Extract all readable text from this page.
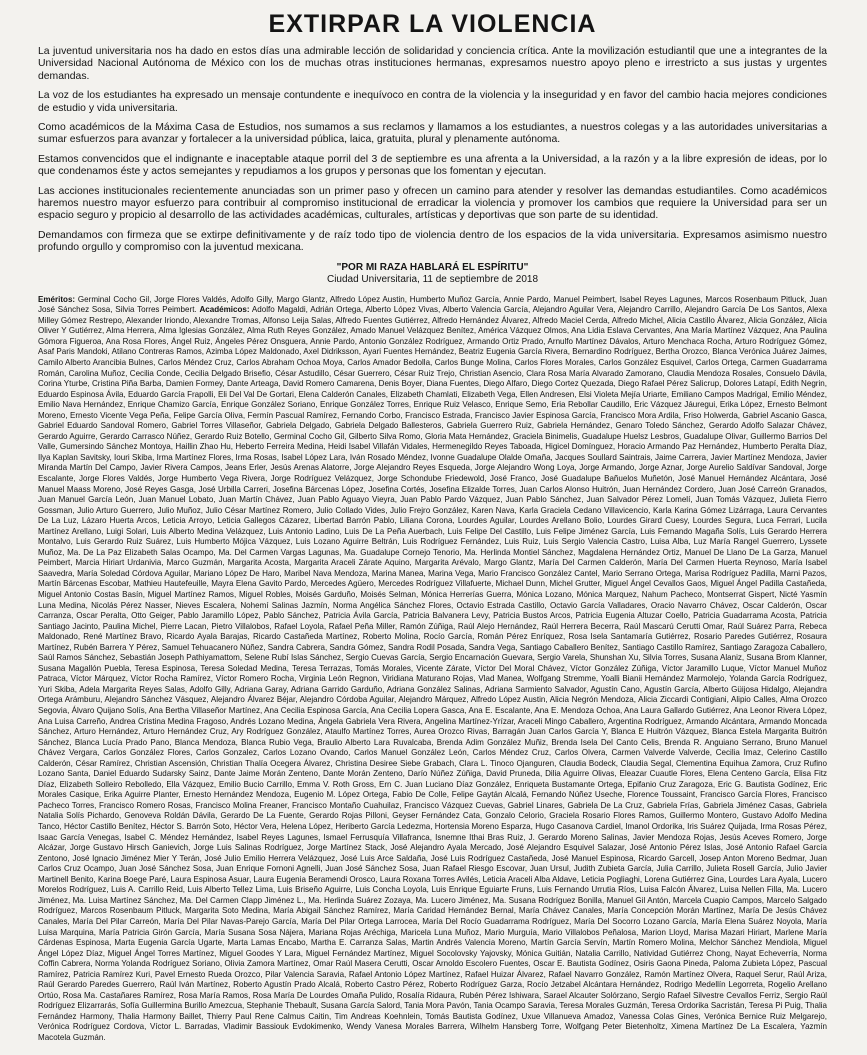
EXTIRPAR LA VIOLENCIA

La juventud universitaria nos ha dado en estos días una admirable lección de solidaridad y conciencia crítica. Ante la movilización estudiantil que une a integrantes de la Universidad Nacional Autónoma de México con los de muchas otras instituciones hermanas, expresamos nuestro apoyo pleno e irrestricto a sus justas y urgentes demandas.

La voz de los estudiantes ha expresado un mensaje contundente e inequívoco en contra de la violencia y la inseguridad y en favor del cambio hacia mejores condiciones de estudio y vida universitaria.

Como académicos de la Máxima Casa de Estudios, nos sumamos a sus reclamos y llamamos a los estudiantes, a nuestros colegas y a las autoridades universitarias a sumar esfuerzos para avanzar y fortalecer a la universidad pública, laica, gratuita, plural y plenamente autónoma.

Estamos convencidos que el indignante e inaceptable ataque porril del 3 de septiembre es una afrenta a la Universidad, a la razón y a la libre expresión de ideas, por lo que condenamos éste y actos semejantes y repudiamos a los grupos y personas que los fomentan y ejecutan.

Las acciones institucionales recientemente anunciadas son un primer paso y ofrecen un camino para atender y resolver las demandas estudiantiles. Como académicos haremos nuestro mayor esfuerzo para contribuir al compromiso institucional de erradicar la violencia y promover los cambios que requiere la Universidad para ser un espacio seguro y propicio al desarrollo de las actividades académicas, culturales, artísticas y deportivas que son parte de su identidad.

Demandamos con firmeza que se extirpe definitivamente y de raíz todo tipo de violencia dentro de los espacios de la vida universitaria. Expresamos asimismo nuestro profundo orgullo y compromiso con la juventud mexicana.

"POR MI RAZA HABLARÁ EL ESPÍRITU"
Ciudad Universitaria, 11 de septiembre de 2018
Eméritos: Germinal Cocho Gil, Jorge Flores Valdés, Adolfo Gilly, Margo Glantz, Alfredo López Austin, Humberto Muñoz García, Annie Pardo, Manuel Peimbert, Isabel Reyes Lagunes, Marcos Rosenbaum Pitluck, Juan José Sánchez Sosa, Silvia Torres Peimbert. Académicos: Adolfo Magaldi, Adrián Ortega, Alberto López Vivas, Alberto Valencia García, Alejandro Aguilar Vera, Alejandro Carrillo, Alejandro García De Los Santos, Alexa Milley Gómez Restrepo, Alexander Iriondo, Alexandre Tromas, Alfonso Leija Salas, Alfredo Fuentes Gutiérrez, Alfredo Hernández Álvarez, Alfredo Maciel Cerda, Alfredo Michel, Alicia Castillo Álvarez, Alicia González, Alicia Oliver Y Gutiérrez, Alma Herrera, Alma Iglesias González, Alma Ruth Reyes González, Amado Manuel Velázquez Benítez, América Vázquez Olmos, Ana Lidia Eslava Cervantes, Ana María Martínez Vázquez, Ana Paulina Gómora Figueroa, Ana Rosa Flores, Ángel Ruiz, Ángeles Pérez Onsguera, Annie Pardo, Antonio González Rodríguez, Armando Ortiz Prado, Arnulfo Martínez Dávalos, Arturo Menchaca Rocha, Arturo Rodríguez Gómez, Asaf Paris Mandoki, Atilano Contreras Ramos, Azimba López Maldonado, Axel Didriksson, Ayari Fuentes Hernández, Beatriz Eugenia García Rivera, Bernardino Rodríguez, Bertha Orozco, Blanca Verónica Juárez Jaimes, Camilo Alberto Arancibia Bulnes, Carlos Méndez Cruz, Carlos Abraham Ochoa Moya, Carlos Amador Bedolla, Carlos Bunge Molina, Carlos Flores Morales, Carlos González Esquivel, Carlos Ortega, Carmen Guadarrama Román, Carolina Muñoz, Cecilia Conde, Cecilia Delgado Brisefio, César Astudillo, César Guerrero, César Ruiz Trejo, Christian Asencio, Clara Rosa María Alvarado Zamorano, Claudia Mendoza Rosales, Consuelo Dávila, Corina Yturbe, Cristina Piña Barba, Damien Formey, Dante Arteaga, David Romero Camarena, Denis Boyer, Diana Fuentes, Diego Alfaro, Diego Cortez Quezada, Diego Rafael Pérez Salicrup, Dolores Latapí, Edith Negrin, Eduardo Espinosa Ávila, Eduardo García Frapolli, Eli Del Val De Gortari, Elena Calderón Canales, Elizabeth Chamlati, Elizabeth Vega, Ellen Andresen, Elsi Violeta Mejía Uriarte, Emiliano Campos Madrigal, Emilio Méndez, Emilio Nava Hernández, Enrique Chamizo García, Enrique González Soriano, Enrique González Torres, Enrique Ruiz Velasco, Enrique Semo, Eria Rebollar Caudillo, Eric Vázquez Jáuregui, Erika López, Ernesto Belmont Moreno, Ernesto Vicente Vega Peña, Felipe García Oliva, Fermín Pascual Ramírez, Fernando Corbo, Francisco Estrada, Francisco Javier Espinosa García, Francisco Mora Ardila, Friso Holwerda, Gabriel Ascanio Gasca, Gabriel Eduardo Sandoval Romero, Gabriel Torres Villaseñor, Gabriela Delgado, Gabriela Delgado Ballesteros, Gabriela Guerrero Ruiz, Gabriela Hernández, Genaro Toledo Sánchez, Gerardo Adolfo Salazar Chávez, Gerardo Aguirre, Gerardo Carrasco Núñez, Gerardo Ruiz Botello, Germinal Cocho Gil, Gilberto Silva Romo, Gloria Mata Hernández, Graciela Binimelis, Guadalupe Huelsz Lesbros, Guadalupe Olivar, Guillermo Barrios Del Valle, Gumersindo Sánchez Montoya, Haillin Zhao Hu, Heberto Ferreira Medina, Heidi Isabel Villafán Vidales, Hermenegildo Reyes Taboada, Higicel Domínguez, Horacio Armando Paz Hernández, Humberto Peralta Díaz, Ilya Kaplan Savitsky, Iouri Skiba, Irma Martínez Flores, Irma Rosas, Isabel López Lara, Iván Rosado Méndez, Ivonne Guadalupe Olalde Omaña, Jacques Soullard Saintrais, Jaime Carrera, Javier Martínez Mendoza, Javier Miranda Martín Del Campo, Javier Rivera Campos, Jeans Erler, Jesús Arenas Alatorre, Jorge Alejandro Reyes Esqueda, Jorge Alejandro Wong Loya, Jorge Armando, Jorge Aznar, Jorge Aurelio Saldívar Sandoval, Jorge Escalante, Jorge Flores Valdés, Jorge Humberto Vega Rivera, Jorge Rodríguez Velázquez, Jorge Schondube Friedewold, José Franco, José Guadalupe Bañuelos Muñetón, José Manuel Hernández Alcántara, José Manuel Maass Moreno, José Reyes Gasga, José Urbilla Carreri, Josefina Bárcenas López, Josefina Cortés, Josefina Elizalde Torres, Juan Carlos Alonso Huitrón, Juan Hernández Cordero, Juan José Carreón Granados, Juan Manuel García León, Juan Manuel Lobato, Juan Martín Chávez, Juan Pablo Aguayo Vieyra, Juan Pablo Pardo Vázquez, Juan Pablo Sánchez, Juan Salvador Pérez Lomelí, Juan Tomás Vázquez, Julieta Fierro Gossman, Julio Arturo Guerrero, Julio Muñoz, Julio César Martínez Romero, Julio Collado Vides, Julio Frejro González, Karen Nava, Karla Graciela Cedano Villavicencio, Karla Karina Gómez Lizárraga, Laura Cervantes De La Luz, Lázaro Huerta Arcos, Leticia Arroyo, Leticia Gallegos Cázarez, Libertad Barrón Pablo, Liliana Corona, Lourdes Aguilar, Lourdes Arellano Bolio, Lourdes Girard Cuesy, Lourdes Segura, Luca Ferrari, Lucila Martínez Arellano, Luigi Solari, Luis Alberto Medina Velázquez, Luis Antonio Ladino, Luis De La Peña Auerbach, Luis Felipe Del Castillo, Luis Felipe Jiménez García, Luis Fernando Magaña Solís, Luis Gerardo Herrera Montalvo, Luis Gerardo Ruiz Suárez, Luis Humberto Mójica Vázquez, Luis Lozano Aguirre Beltrán, Luis Rodríguez Fernández, Luis Ruiz, Luis Sergio Valencia Castro, Luisa Alba, Luz María Rangel Guerrero, Lyssete Muñoz, Ma. De La Paz Elizabeth Salas Ocampo, Ma. Del Carmen Vargas Lagunas, Ma. Guadalupe Cornejo Tenorio, Ma. Herlinda Montiel Sánchez, Magdalena Hernández Ortiz, Manuel De Llano De La Garza, Manuel Peimbert, Marcia Hiriart Urdanivia, Marco Guzmán, Margarita Acosta, Margarita Araceli Zárate Aquino, Margarita Arévalo, Margo Glantz, María Del Carmen Calderón, María Del Carmen Huerta Reynoso, María Isabel Saavedra, María Soledad Córdova Aguilar, Mariano López De Haro, Maribel Nava Mendoza, Marina Manea, Marina Vega, Mario Francisco González Cantel, Mario Serrano Ortega, Marisa Rodríguez Padilla, Marni Pazos, Martín Bárcenas Escobar, Mathieu Hautefeuille, Mayra Elena Gavito Pardo, Mercedes Agüero, Mercedes Rodríguez Villafuerte, Michael Dunn, Michel Grutter, Miguel Ángel Cevallos Gaos, Miguel Ángel Padilla Castañeda, Miguel Antonio Costas Basín, Miguel Martínez Ramos, Miguel Robles, Moisés Garduño, Moisés Selman, Mónica Herrerías Guerra, Mónica Lozano, Mónica Marquez, Nahum Pacheco, Montserrat Gispert, Nicté Yasmín Luna Medina, Nicolás Pérez Nasser, Nieves Escalera, Nohemí Salinas Jazmín, Norma Angélica Sánchez Flores, Octavio Estrada Castillo, Octavio García Valladares, Oracio Navarro Chávez, Oscar Calderón, Oscar Carranza, Oscar Peralta, Otto Geiger, Pablo Jaramillo López, Pablo Sánchez, Patricia Ávila García, Patricia Balvanera Levy, Patricia Bustos Arcos, Patricia Eugenia Altuzar Coello, Patricia Guadarrama Acosta, Patricia Santiago Jacinto, Paulina Michel, Pierre Lacan, Pietro Villalobos, Rafael Loyola, Rafael Peña Miller, Ramón Zúñiga, Raúl Alejo Hernández, Raúl Herrera Becerra, Raúl Mascarú Cerutti Omar, Raúl Suárez Parra, Rebeca Maldonado, René Martínez Bravo, Ricardo Ayala Barajas, Ricardo Castañeda Martínez, Roberto Molina, Rocío García, Román Pérez Enríquez, Rosa Isela Santamaría Gutiérrez, Rosario Paredes Gutiérrez, Rosaura Martínez, Rubén Barrera Y Pérez, Samuel Tehuacanero Núñez, Sandra Cabrera, Sandra Gómez, Sandra Rodil Posada, Sandra Vega, Santiago Caballero Benítez, Santiago Castillo Ramírez, Santiago Zaragoza Caballero, Saúl Ramos Sánchez, Sebastián Joseph Pathiyamattom, Selene Rubí Islas Sánchez, Sergio Cuevas García, Sergio Encarnación Guevara, Sergio Varela, Shunshan Xu, Silvia Torres, Susana Alaniz, Susana Brom Klanner, Susana Magallón Puebla, Teresa Espinosa, Teresa Soledad Medina, Teresa Terrazas, Tomás Morales, Vicente Zárate, Víctor Del Moral Chávez, Víctor González Zúñiga, Víctor Jaramillo Luque, Víctor Manuel Muñoz Patraca, Víctor Márquez, Víctor Rocha Ramírez, Víctor Romero Rocha, Virginia León Regnon, Viridiana Maturano Rojas, Vlad Manea, Wolfgang Stremme, Yoalli Bianii Hernández Marmolejo, Yolanda García Rodríguez, Yuri Skiba, Adela Margarita Reyes Salas, Adolfo Gilly, Adriana Garay, Adriana Garrido Garduño, Adriana González Salinas, Adriana Sarmiento Salvador, Agustín Cano, Agustín García, Alberto Güijosa Hidalgo, Alejandra Ortega Arámburu, Alejandro Sánchez Vásquez, Alejandro Álvarez Béjar, Alejandro Córdoba Aguilar, Alejandro Márquez, Alfredo López Austin, Alicia Negrón Mendoza, Alicia Ziccardi Contigiani, Alipio Calles, Alma Orozco Segovia, Álvaro Quijano Solís, Ana Bertha Villaseñor Martínez, Ana Cecilia Espinosa García, Ana Cecilia Lopera Gasca, Ana E. Escalante, Ana E. Mendoza Ochoa, Ana Laura Gallardo Gutiérrez, Ana Leonor Rivera López, Ana Luisa Carreño, Andrea Cristina Medina Fragoso, Andrés Lozano Medina, Ángela Gabriela Vera Rivera, Angelina Martínez-Yrízar, Araceli Mingo Caballero, Argentina Rodríguez, Armando Alcántara, Armando Moncada Sánchez, Arturo Hernández, Arturo Hernández Cruz, Ary Rodríguez González, Ataulfo Martínez Torres, Aurea Orozco Rivas, Barragán Juan Carlos García Y, Blanca E Huitrón Vázquez, Blanca Estela Margarita Buitrón Sánchez, Blanca Lucía Prado Pano, Blanca Mendoza, Blanca Rubio Vega, Braulio Alberto Lara Ruvalcaba, Brenda Adim González Muñiz, Brenda Isela Del Canto Celis, Brenda R. Anguiano Serrano, Bruno Manuel Chávez Vergara, Carlos González Flores, Carlos Gonzalez, Carlos Lozano Ovando, Carlos Manuel González León, Carlos Méndez Cruz, Carlos Olvera, Carmen Valverde Valverde, Cecilia Imaz, Celerino Castillo Calderón, César Ramírez, Christian Ascensión, Christian Thalía Ocegera Álvarez, Christina Desiree Siebe Grabach, Clara L. Tinoco Ojanguren, Claudia Bodeck, Claudia Segal, Clementina Equihua Zamora, Cruz Rufino Lozano Santa, Daniel Eduardo Sudarsky Sainz, Dante Jaime Morán Zenteno, Dante Morán Zenteno, Darío Núñez Zúñiga, David Pruneda, Dilia Aguirre Olivas, Eleazar Cuautle Flores, Elena Centeno García, Elisa Fitz Díaz, Elizabeth Solleiro Rebolledo, Ella Vázquez, Emilio Bucio Carrillo, Emma V. Roth Gross, Ern C. Juan Luciano Díaz González, Enriqueta Bustamante Ortega, Epifanio Cruz Zaragoza, Eric G. Bautista Godínez, Eric Morales Casique, Erika Aguirre Planter, Ernesto Hernández Mendoza, Eugenio M. López Ortega, Fabio De Colle, Felipe Gaytán Alcalá, Fernando Núñez Useche, Florence Toussaint, Francisco García Flores, Francisco Pacheco Torres, Francisco Romero Rosas, Francisco Molina Freaner, Francisco Montaño Cuahuilaz, Francisco Vázquez Cuevas, Gabriel Linares, Gabriela De La Cruz, Gabriela Frías, Gabriela Jiménez Casas, Gabriela Natalia Solís Pichardo, Genoveva Roldán Dávila, Gerardo De La Fuente, Gerardo Rojas Pilloni, Geyser Fernández Cata, Gonzalo Celorio, Graciela Rosario Flores Ramos, Guillermo Montero, Gustavo Adolfo Medina Tanco, Héctor Castillo Benítez, Héctor S. Barrón Soto, Héctor Vera, Helena López, Heriberto García Ledezma, Hortensia Moreno Esparza, Hugo Casanova Cardiel, Imanol Ordorika, Iris Suárez Quijada, Irma Rosas Pérez, Isaac García Venegas, Isabel C. Méndez Hernández, Isabel Reyes Lagunes, Ismael Ferrusquía Villafranca, Isnemne Ithai Bras Ruiz, J. Gerardo Moreno Salinas, Javier Mendoza Rojas, Jesús Aceves Romero, Jorge Alcázar, Jorge Gustavo Hirsch Ganievich, Jorge Luis Salinas Rodríguez, Jorge Martínez Stack, José Alejandro Ayala Mercado, José Alejandro Esquivel Salazar, José Antonio Pérez Islas, José Antonio Rafael García Zentono, José Ignacio Jiménez Mier Y Terán, José Julio Emilio Herrera Velázquez, José Luis Arce Saldaña, José Luis Rodríguez Castañeda, José Manuel Espinosa, Ricardo Garcell, Josep Anton Moreno Bedmar, Juan Carlos Cruz Ocampo, Juan José Sánchez Sosa, Juan Enrique Fornoni Agnelli, Juan José Sánchez Sosa, Juan Rafael Riesgo Escovar, Juan Ursul, Judith Zubieta García, Julia Carrillo, Julieta Rosell García, Julio Javier Martinell Benito, Karina Boege Paré, Laura Espinosa Asuar, Laura Eugenia Beramendi Orosco, Laura Roxana Torres Avilés, Leticia Araceli Alba Aldave, Leticia Pogliaghi, Lorena Gutiérrez Gina, Lourdes Lara Ayala, Lucero Morelos Rodríguez, Luis A. Carrillo Reid, Luis Alberto Tellez Lima, Luis Briseño Aguirre, Luis Concha Loyola, Luis Enrique Eguiarte Fruns, Luis Fernando Urrutia Ríos, Luisa Falcón Álvarez, Luisa Nellen Filla, Ma. Lucero Jiménez, Ma. Luisa Martínez Sánchez, Ma. Del Carmen Clapp Jiménez L., Ma. Herlinda Suárez Zozaya, Ma. Lucero Jiménez, Ma. Susana Rodríguez Bonilla, Manuel Gil Antón, Marcela Cuapio Campos, Marcelo Salgado Rodríguez, Marcos Rosenbaum Pitluck, Margarita Soto Medina, María Abigail Sánchez Ramírez, María Caridad Hernández Bernal, María Chávez Canales, María Concepción Morán Martínez, María De Jesús Chávez Canales, María Del Pilar Carreón, María Del Pilar Navas-Parejo García, María Del Pilar Ortega Larrocea, María Del Rocío Guadarrama Rodríguez, María Del Socorro Lozano García, María Elena Suárez Noyola, María Luisa Marquina, María Patricia Girón García, María Susana Sosa Nájera, Mariana Rojas Aréchiga, Maricela Luna Muñoz, Mario Murguía, Mario Villalobos Peñalosa, Marion Lloyd, Marisa Mazari Hiriart, Marlene María Cárdenas Espinosa, Marta Eugenia García Ugarte, Marta Lamas Encabo, Martha E. Carranza Salas, Martin Andrés Valencia Moreno, Martín García Servín, Martín Romero Molina, Melchor Sánchez Mendiola, Miguel Ángel López Díaz, Miguel Ángel Torres Martínez, Miguel Goodes Y Lara, Miguel Fernández Martínez, Miguel Socolovsky Yajovsky, Mónica Guitián, Natalia Carrillo, Natividad Gutiérrez Chong, Nayat Echeverría, Norma Coffin Cabrera, Norma Yolanda Rodríguez Soriano, Olivia Zamora Martínez, Omar Raúl Masera Cerutti, Oscar Arnoldo Escolero Fuentes, Oscar E. Bautista Godínez, Osiris Gaona Pineda, Paloma Zubieta López, Pascual Ramírez, Patricia Ramírez Kuri, Pavel Ernesto Rueda Orozco, Pilar Valencia Saravia, Rafael Antonio López Martínez, Rafael Huizar Álvarez, Rafael Navarro González, Ramón Martínez Olvera, Raquel Serur, Raúl Ariza, Raúl Gerardo Paredes Guerrero, Raúl Iván Martínez, Roberto Agustín Prado Alcalá, Roberto Castro Pérez, Roberto Rodríguez Garza, Rocío Jetzabel Alcántara Hernández, Rodrigo Medellín Legorreta, Rogelio Arellano Ortúo, Rosa Ma. Castañares Ramírez, Rosa María Ramos, Rosa María De Lourdes Omaña Pulido, Rosalía Ridaura, Rubén Pérez Ishiwara, Sarael Alcauter Solórzano, Sergio Rafael Silvestre Cevallos Ferriz, Sergio Raúl Rodríguez Elizarrarás, Sofía Guillermina Burillo Amezcua, Stephanie Thebault, Susana García Salord, Tania Mora Pavón, Tania Ocampo Saravia, Teresa Morales Guzmán, Teresa Ordorika Sacristán, Teresa Pi Puig, Thalia Fernández Harmony, Thalia Harmony Baillet, Thierry Paul Rene Calmus Caitin, Tim Andreas Koehnlein, Tomás Bautista Godínez, Uxue Villanueva Amadoz, Vanessa Colas Gines, Verónica Bernice Ruiz Melgarejo, Verónica Rodríguez Cordova, Víctor L. Barradas, Vladimir Bassiouk Evdokimenko, Wendy Vanesa Morales Barrera, Wilhelm Hansberg Torre, Wolfgang Peter Bietenholtz, Ximena Martínez De La Escalera, Yazmín Macotela Guzmán.
